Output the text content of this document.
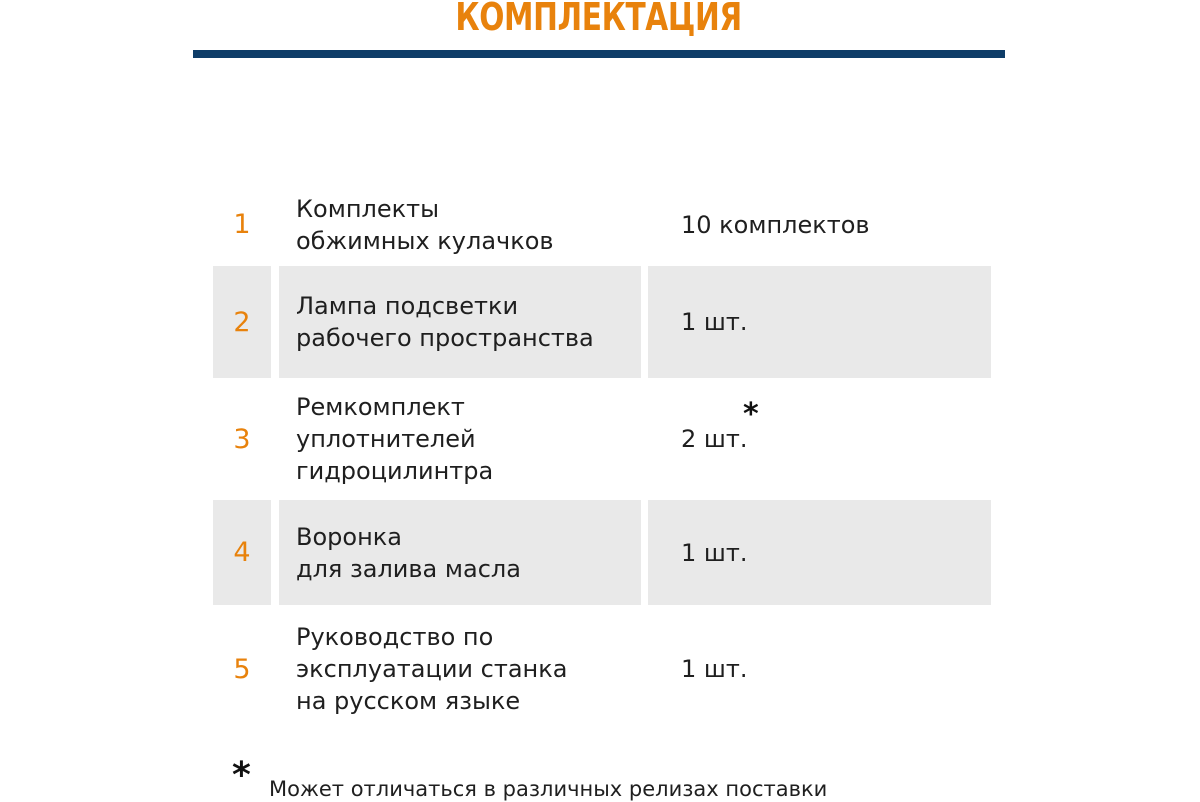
КОМПЛЕКТАЦИЯ
1
Комплекты
обжимных кулачков
10 комплектов
2
Лампа подсветки
рабочего пространства
1 шт.
3
Ремкомплект
уплотнителей
гидроцилинтра
2 шт.
*
4
Воронка
для залива масла
1 шт.
5
Руководство по
эксплуатации станка
на русском языке
1 шт.
* Может отличаться в различных релизах поставки
